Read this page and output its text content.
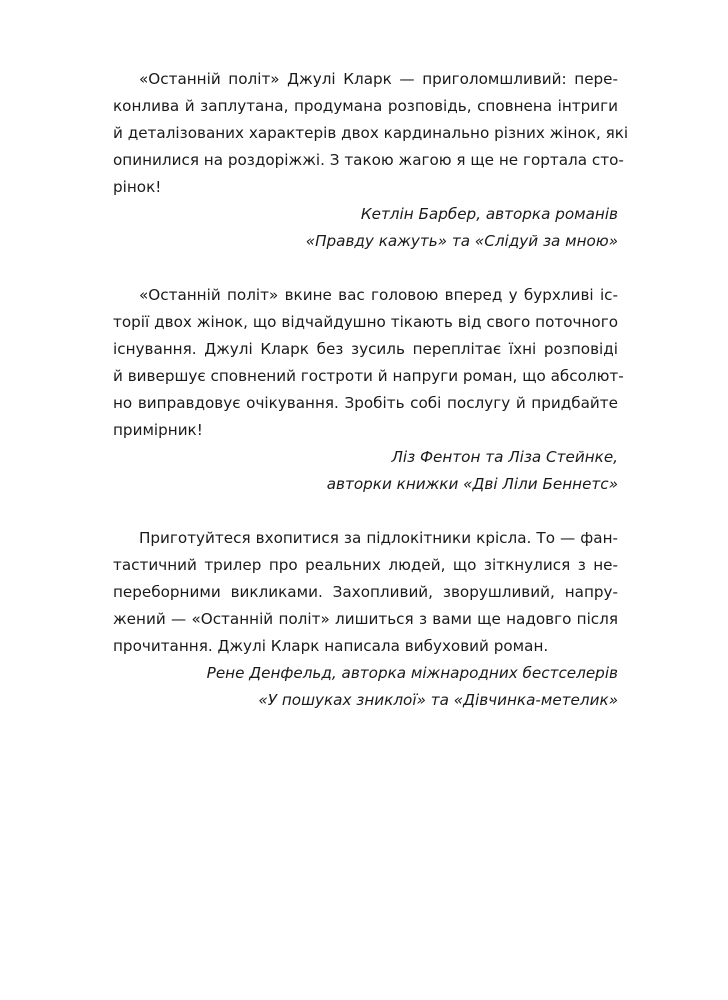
«Останній політ» Джулі Кларк — приголомшливий: пере-
конлива й заплутана, продумана розповідь, сповнена інтриги
й деталізованих характерів двох кардинально різних жінок, які
опинилися на роздоріжжі. З такою жагою я ще не гортала сто-
рінок!

Кетлін Барбер, авторка романів
«Правду кажуть» та «Слідуй за мною»

«Останній політ» вкине вас головою вперед у бурхливі іс-
торії двох жінок, що відчайдушно тікають від свого поточного
існування. Джулі Кларк без зусиль переплітає їхні розповіді
й вивершує сповнений гостроти й напруги роман, що абсолют-
но виправдовує очікування. Зробіть собі послугу й придбайте
примірник!

Ліз Фентон та Ліза Стейнке,
авторки книжки «Дві Ліли Беннетс»

Приготуйтеся вхопитися за підлокітники крісла. То — фан-
тастичний трилер про реальних людей, що зіткнулися з не-
переборними викликами. Захопливий, зворушливий, напру-
жений — «Останній політ» лишиться з вами ще надовго після
прочитання. Джулі Кларк написала вибуховий роман.

Рене Денфельд, авторка міжнародних бестселерів
«У пошуках зниклої» та «Дівчинка-метелик»
